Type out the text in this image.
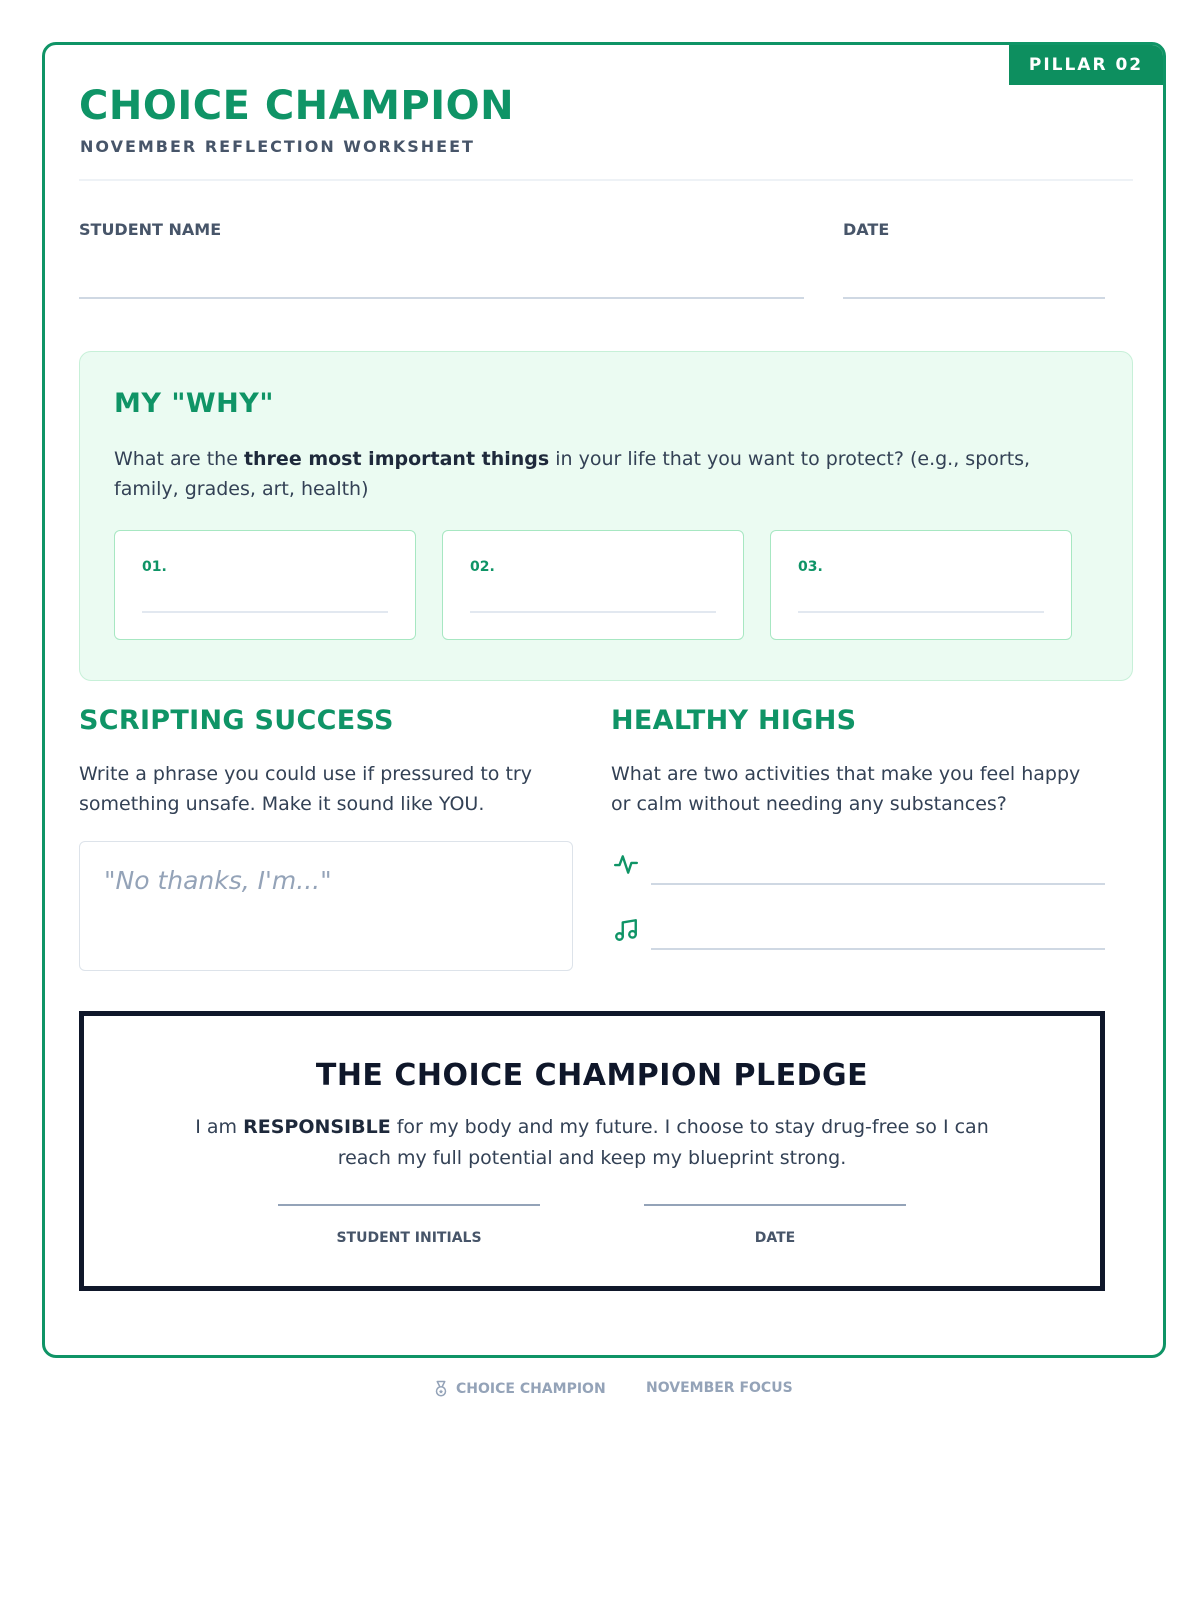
PILLAR 02
CHOICE CHAMPION
NOVEMBER REFLECTION WORKSHEET
STUDENT NAME	DATE
MY "WHY"

What are the three most important things in your life that you want to protect? (e.g., sports, family, grades, art, health)

01.	02.	03.
SCRIPTING SUCCESS

Write a phrase you could use if pressured to try something unsafe. Make it sound like YOU.

"No thanks, I'm..."
HEALTHY HIGHS

What are two activities that make you feel happy or calm without needing any substances?

THE CHOICE CHAMPION PLEDGE

I am RESPONSIBLE for my body and my future. I choose to stay drug-free so I can reach my full potential and keep my blueprint strong.

STUDENT INITIALS	DATE
CHOICE CHAMPION	NOVEMBER FOCUS
